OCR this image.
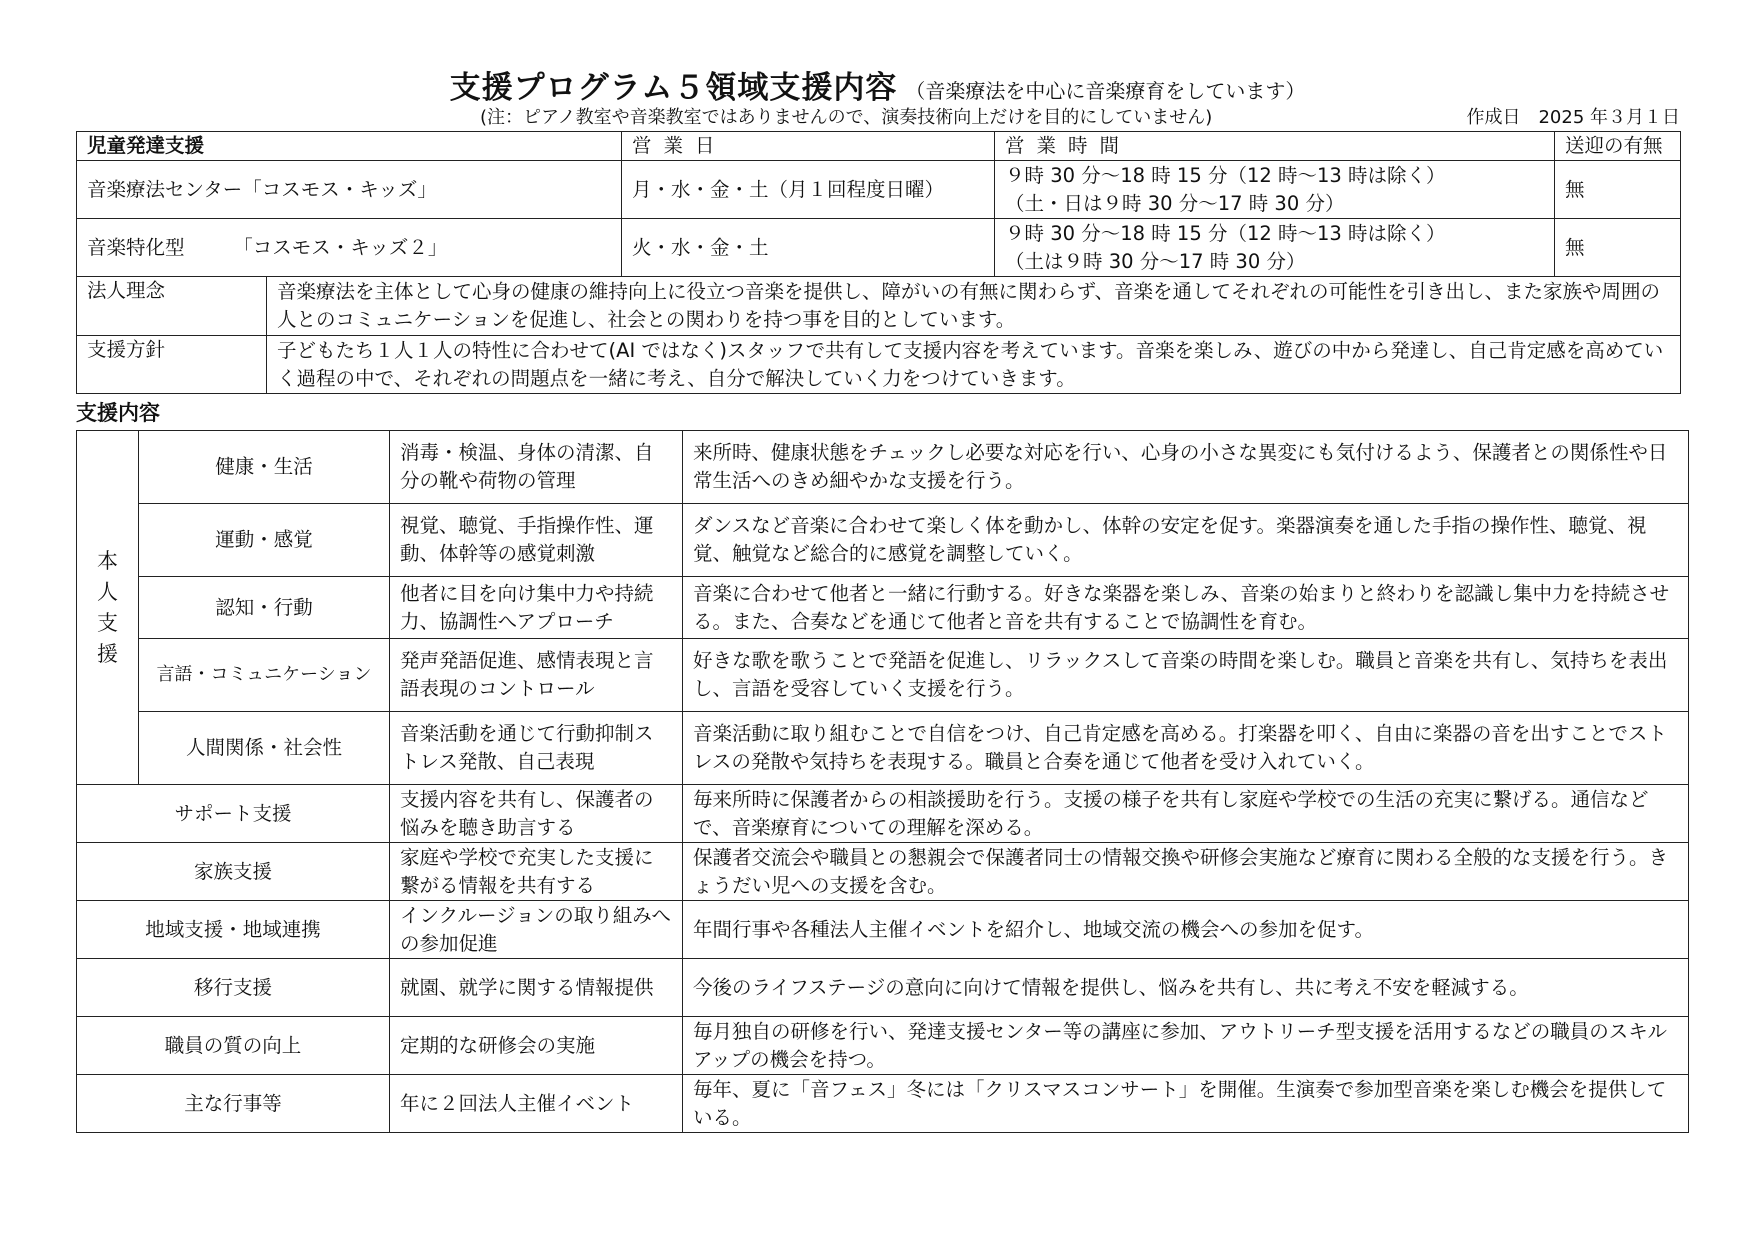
支援プログラム５領域支援内容 （音楽療法を中心に音楽療育をしています）
(注：ピアノ教室や音楽教室ではありませんので、演奏技術向上だけを目的にしていません)	作成日　2025 年３月１日
児童発達支援		営業日	営業時間	送迎の有無
音楽療法センター「コスモス・キッズ」		月・水・金・土（月１回程度日曜）	９時 30 分～18 時 15 分（12 時～13 時は除く）
（土・日は９時 30 分～17 時 30 分）	無
音楽特化型　　　「コスモス・キッズ２」		火・水・金・土	９時 30 分～18 時 15 分（12 時～13 時は除く）
（土は９時 30 分～17 時 30 分）	無
法人理念	音楽療法を主体として心身の健康の維持向上に役立つ音楽を提供し、障がいの有無に関わらず、音楽を通してそれぞれの可能性を引き出し、また家族や周囲の人とのコミュニケーションを促進し、社会との関わりを持つ事を目的としています。			
支援方針	子どもたち１人１人の特性に合わせて(AI ではなく)スタッフで共有して支援内容を考えています。音楽を楽しみ、遊びの中から発達し、自己肯定感を高めていく過程の中で、それぞれの問題点を一緒に考え、自分で解決していく力をつけていきます。			
支援内容
本
人
支
援	健康・生活	消毒・検温、身体の清潔、自分の靴や荷物の管理	来所時、健康状態をチェックし必要な対応を行い、心身の小さな異変にも気付けるよう、保護者との関係性や日常生活へのきめ細やかな支援を行う。
	運動・感覚	視覚、聴覚、手指操作性、運動、体幹等の感覚刺激	ダンスなど音楽に合わせて楽しく体を動かし、体幹の安定を促す。楽器演奏を通した手指の操作性、聴覚、視覚、触覚など総合的に感覚を調整していく。
	認知・行動	他者に目を向け集中力や持続力、協調性へアプローチ	音楽に合わせて他者と一緒に行動する。好きな楽器を楽しみ、音楽の始まりと終わりを認識し集中力を持続させる。また、合奏などを通じて他者と音を共有することで協調性を育む。
	言語・コミュニケーション	発声発語促進、感情表現と言語表現のコントロール	好きな歌を歌うことで発語を促進し、リラックスして音楽の時間を楽しむ。職員と音楽を共有し、気持ちを表出し、言語を受容していく支援を行う。
	人間関係・社会性	音楽活動を通じて行動抑制ストレス発散、自己表現	音楽活動に取り組むことで自信をつけ、自己肯定感を高める。打楽器を叩く、自由に楽器の音を出すことでストレスの発散や気持ちを表現する。職員と合奏を通じて他者を受け入れていく。
サポート支援		支援内容を共有し、保護者の悩みを聴き助言する	毎来所時に保護者からの相談援助を行う。支援の様子を共有し家庭や学校での生活の充実に繋げる。通信などで、音楽療育についての理解を深める。
家族支援		家庭や学校で充実した支援に繋がる情報を共有する	保護者交流会や職員との懇親会で保護者同士の情報交換や研修会実施など療育に関わる全般的な支援を行う。きょうだい児への支援を含む。
地域支援・地域連携		インクルージョンの取り組みへの参加促進	年間行事や各種法人主催イベントを紹介し、地域交流の機会への参加を促す。
移行支援		就園、就学に関する情報提供	今後のライフステージの意向に向けて情報を提供し、悩みを共有し、共に考え不安を軽減する。
職員の質の向上		定期的な研修会の実施	毎月独自の研修を行い、発達支援センター等の講座に参加、アウトリーチ型支援を活用するなどの職員のスキルアップの機会を持つ。
主な行事等		年に２回法人主催イベント	毎年、夏に「音フェス」冬には「クリスマスコンサート」を開催。生演奏で参加型音楽を楽しむ機会を提供している。
